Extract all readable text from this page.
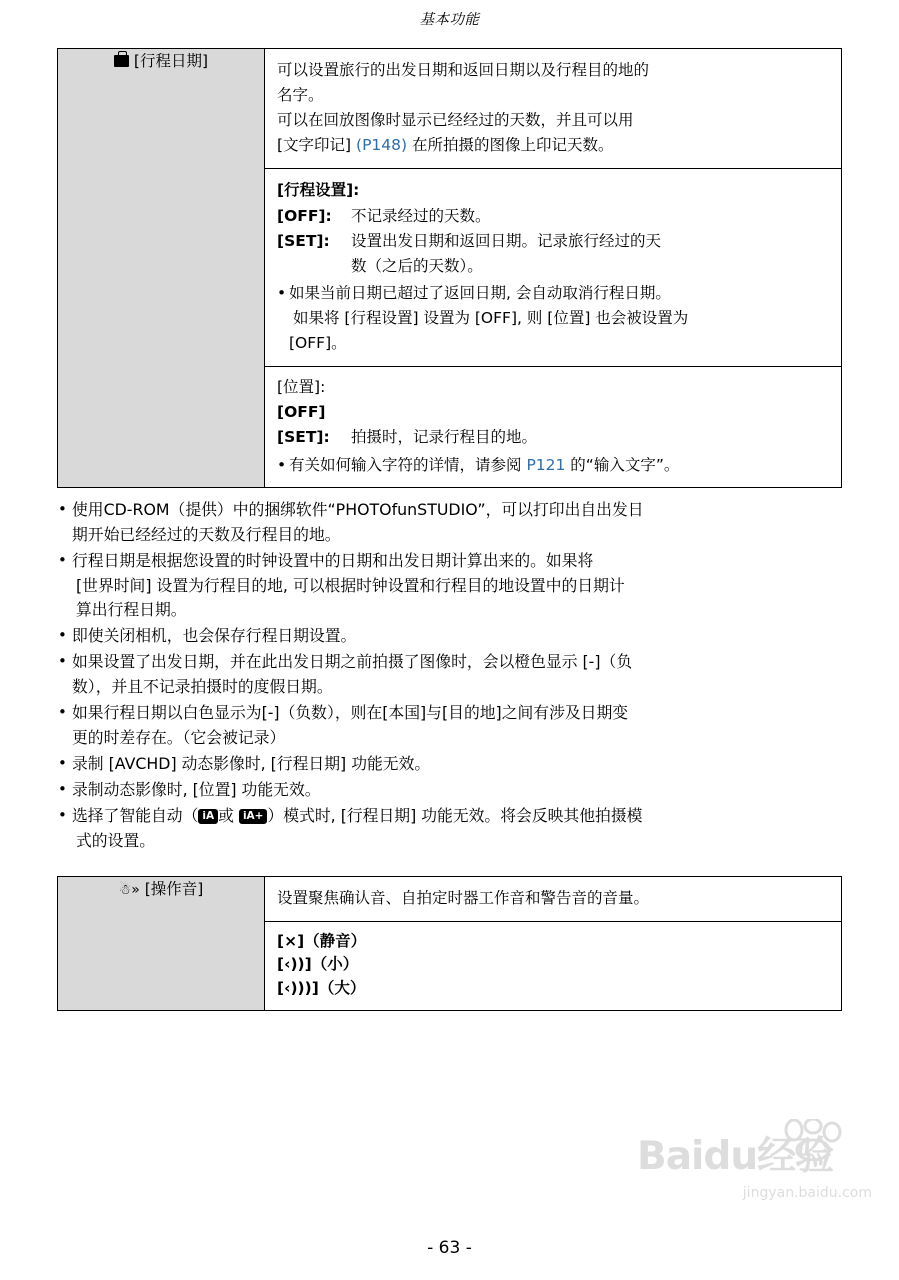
基本功能
[行程日期]	可以设置旅行的出发日期和返回日期以及行程目的地的
名字。
可以在回放图像时显示已经经过的天数，并且可以用
[文字印记] (P148) 在所拍摄的图像上印记天数。

[行程设置]:
[OFF]:	不记录经过的天数。
[SET]:	设置出发日期和返回日期。记录旅行经过的天
数（之后的天数）。
• 如果当前日期已超过了返回日期, 会自动取消行程日期。

如果将 [行程设置] 设置为 [OFF], 则 [位置] 也会被设置为
[OFF]。

[位置]:
[OFF]
[SET]:	拍摄时，记录行程目的地。
• 有关如何输入字符的详情，请参阅 P121 的“输入文字”。
• 使用CD-ROM（提供）中的捆绑软件“PHOTOfunSTUDIO”，可以打印出自出发日
期开始已经经过的天数及行程目的地。
• 行程日期是根据您设置的时钟设置中的日期和出发日期计算出来的。如果将

[世界时间] 设置为行程目的地, 可以根据时钟设置和行程目的地设置中的日期计
算出行程日期。
• 即使关闭相机，也会保存行程日期设置。
• 如果设置了出发日期，并在此出发日期之前拍摄了图像时，会以橙色显示 [-]（负
数），并且不记录拍摄时的度假日期。
• 如果行程日期以白色显示为[-]（负数），则在[本国]与[目的地]之间有涉及日期变
更的时差存在。（它会被记录）
• 录制 [AVCHD] 动态影像时, [行程日期] 功能无效。
• 录制动态影像时, [位置] 功能无效。
• 选择了智能自动（ iA 或 iA+ ）模式时, [行程日期] 功能无效。将会反映其他拍摄模

式的设置。
☃» [操作音]	设置聚焦确认音、自拍定时器工作音和警告音的音量。

[×]（静音）
[‹))]（小）
[‹)))]（大）
Baidu经验
jingyan.baidu.com
- 63 -
